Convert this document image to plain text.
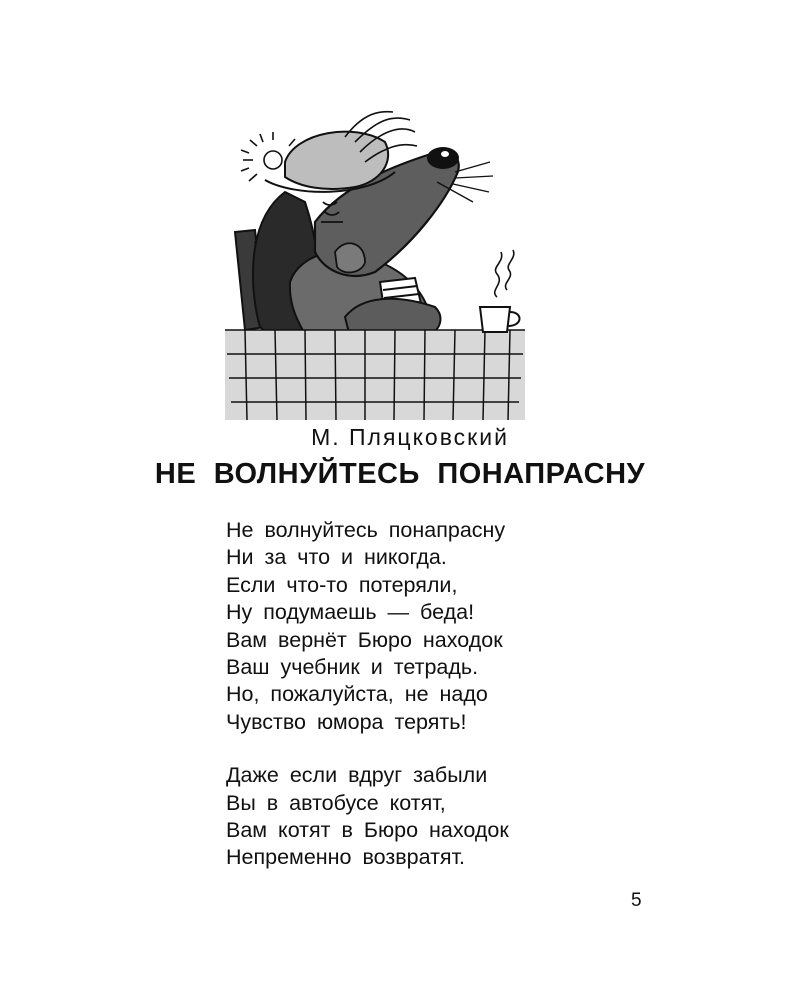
М. Пляцковский
НЕ ВОЛНУЙТЕСЬ ПОНАПРАСНУ
Не волнуйтесь понапрасну
Ни за что и никогда.
Если что-то потеряли,
Ну подумаешь — беда!
Вам вернёт Бюро находок
Ваш учебник и тетрадь.
Но, пожалуйста, не надо
Чувство юмора терять!
Даже если вдруг забыли
Вы в автобусе котят,
Вам котят в Бюро находок
Непременно возвратят.
5
